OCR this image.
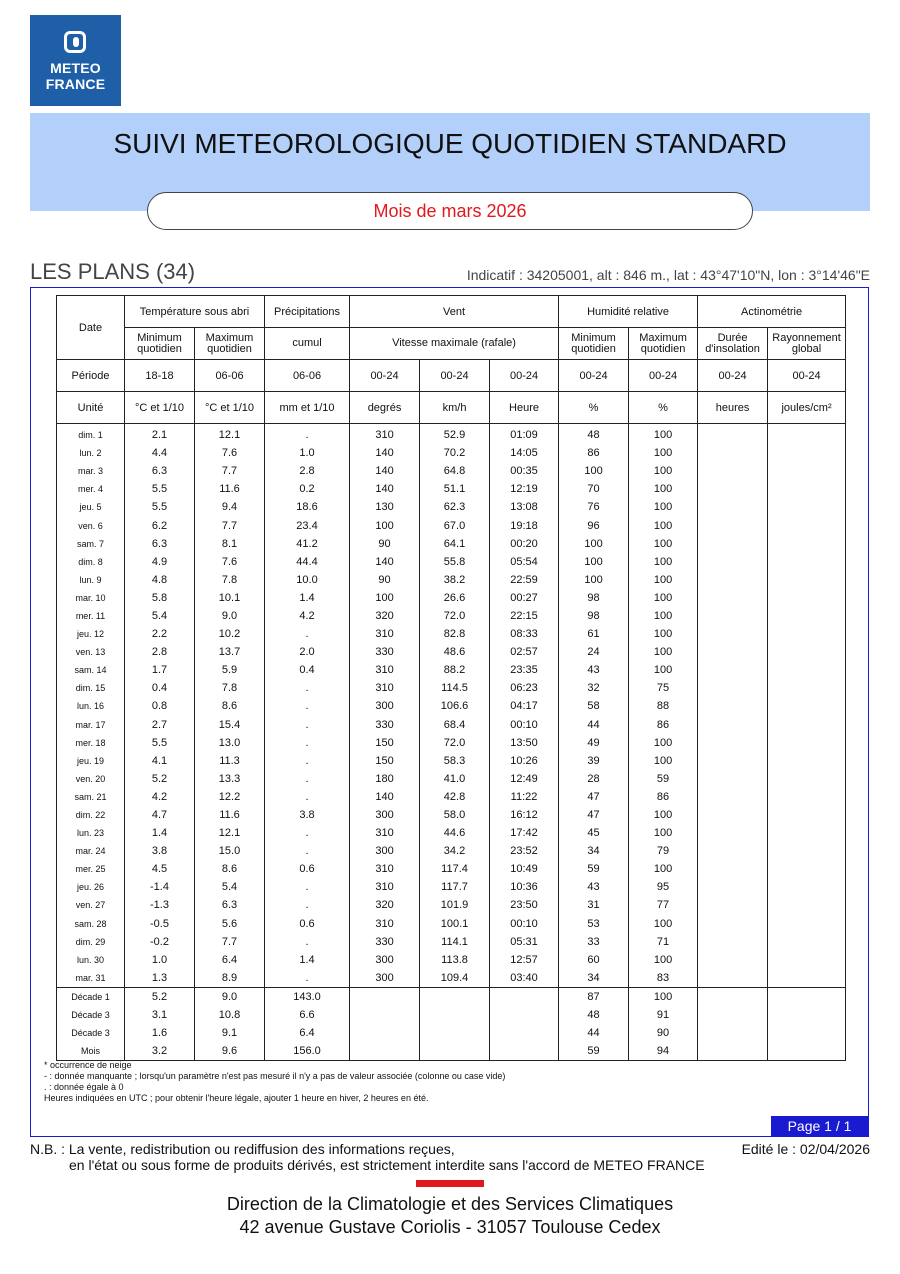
METEO
FRANCE
SUIVI METEOROLOGIQUE QUOTIDIEN STANDARD
Mois de mars 2026
LES PLANS (34)	Indicatif : 34205001, alt : 846 m., lat : 43°47'10"N, lon : 3°14'46"E
Date	Température sous abri		Précipitations	Vent			Humidité relative		Actinométrie	
	Minimum quotidien	Maximum quotidien	cumul	Vitesse maximale (rafale)			Minimum quotidien	Maximum quotidien	Durée d'insolation	Rayonnement global
Période	18-18	06-06	06-06	00-24	00-24	00-24	00-24	00-24	00-24	00-24
Unité	°C et 1/10	°C et 1/10	mm et 1/10	degrés	km/h	Heure	%	%	heures	joules/cm²

dim. 1	2.1	12.1	.	310	52.9	01:09	48	100		
lun. 2	4.4	7.6	1.0	140	70.2	14:05	86	100		
mar. 3	6.3	7.7	2.8	140	64.8	00:35	100	100		
mer. 4	5.5	11.6	0.2	140	51.1	12:19	70	100		
jeu. 5	5.5	9.4	18.6	130	62.3	13:08	76	100		
ven. 6	6.2	7.7	23.4	100	67.0	19:18	96	100		
sam. 7	6.3	8.1	41.2	90	64.1	00:20	100	100		
dim. 8	4.9	7.6	44.4	140	55.8	05:54	100	100		
lun. 9	4.8	7.8	10.0	90	38.2	22:59	100	100		
mar. 10	5.8	10.1	1.4	100	26.6	00:27	98	100		
mer. 11	5.4	9.0	4.2	320	72.0	22:15	98	100		
jeu. 12	2.2	10.2	.	310	82.8	08:33	61	100		
ven. 13	2.8	13.7	2.0	330	48.6	02:57	24	100		
sam. 14	1.7	5.9	0.4	310	88.2	23:35	43	100		
dim. 15	0.4	7.8	.	310	114.5	06:23	32	75		
lun. 16	0.8	8.6	.	300	106.6	04:17	58	88		
mar. 17	2.7	15.4	.	330	68.4	00:10	44	86		
mer. 18	5.5	13.0	.	150	72.0	13:50	49	100		
jeu. 19	4.1	11.3	.	150	58.3	10:26	39	100		
ven. 20	5.2	13.3	.	180	41.0	12:49	28	59		
sam. 21	4.2	12.2	.	140	42.8	11:22	47	86		
dim. 22	4.7	11.6	3.8	300	58.0	16:12	47	100		
lun. 23	1.4	12.1	.	310	44.6	17:42	45	100		
mar. 24	3.8	15.0	.	300	34.2	23:52	34	79		
mer. 25	4.5	8.6	0.6	310	117.4	10:49	59	100		
jeu. 26	-1.4	5.4	.	310	117.7	10:36	43	95		
ven. 27	-1.3	6.3	.	320	101.9	23:50	31	77		
sam. 28	-0.5	5.6	0.6	310	100.1	00:10	53	100		
dim. 29	-0.2	7.7	.	330	114.1	05:31	33	71		
lun. 30	1.0	6.4	1.4	300	113.8	12:57	60	100		
mar. 31	1.3	8.9	.	300	109.4	03:40	34	83		
Décade 1	5.2	9.0	143.0				87	100		
Décade 3	3.1	10.8	6.6				48	91		
Décade 3	1.6	9.1	6.4				44	90		
Mois	3.2	9.6	156.0				59	94		
* occurrence de neige
- : donnée manquante ; lorsqu'un paramètre n'est pas mesuré il n'y a pas de valeur associée (colonne ou case vide)
. : donnée égale à 0
Heures indiquées en UTC ; pour obtenir l'heure légale, ajouter 1 heure en hiver, 2 heures en été.
Page 1 / 1
N.B. : La vente, redistribution ou rediffusion des informations reçues,
en l'état ou sous forme de produits dérivés, est strictement interdite sans l'accord de METEO FRANCE
Edité le : 02/04/2026
Direction de la Climatologie et des Services Climatiques
42 avenue Gustave Coriolis - 31057 Toulouse Cedex
